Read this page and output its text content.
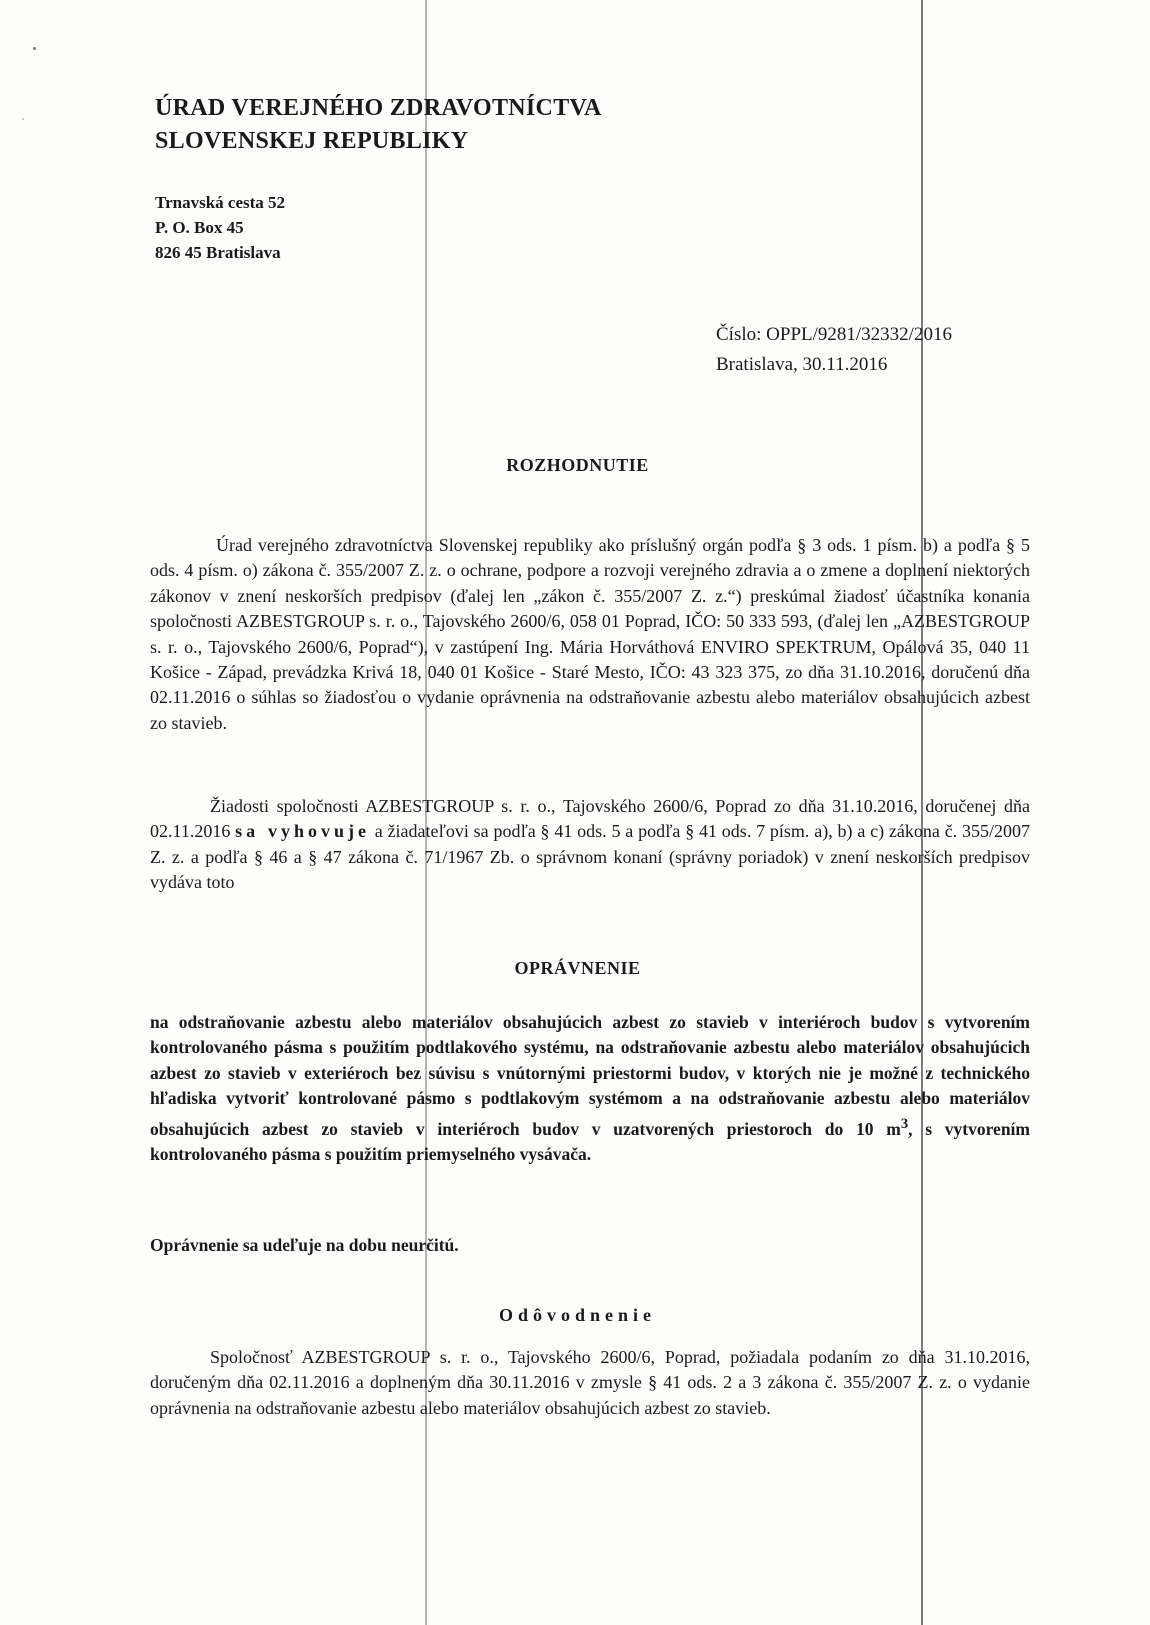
ÚRAD VEREJNÉHO ZDRAVOTNÍCTVA
SLOVENSKEJ REPUBLIKY
Trnavská cesta 52
P. O. Box 45
826 45 Bratislava
Číslo: OPPL/9281/32332/2016
Bratislava, 30.11.2016
ROZHODNUTIE
Úrad verejného zdravotníctva Slovenskej republiky ako príslušný orgán podľa § 3 ods. 1 písm. b) a podľa § 5 ods. 4 písm. o) zákona č. 355/2007 Z. z. o ochrane, podpore a rozvoji verejného zdravia a o zmene a doplnení niektorých zákonov v znení neskorších predpisov (ďalej len „zákon č. 355/2007 Z. z.“) preskúmal žiadosť účastníka konania spoločnosti AZBESTGROUP s. r. o., Tajovského 2600/6, 058 01 Poprad, IČO: 50 333 593, (ďalej len „AZBESTGROUP s. r. o., Tajovského 2600/6, Poprad“), v zastúpení Ing. Mária Horváthová ENVIRO SPEKTRUM, Opálová 35, 040 11 Košice - Západ, prevádzka Krivá 18, 040 01 Košice - Staré Mesto, IČO: 43 323 375, zo dňa 31.10.2016, doručenú dňa 02.11.2016 o súhlas so žiadosťou o vydanie oprávnenia na odstraňovanie azbestu alebo materiálov obsahujúcich azbest zo stavieb.
Žiadosti spoločnosti AZBESTGROUP s. r. o., Tajovského 2600/6, Poprad zo dňa 31.10.2016, doručenej dňa 02.11.2016 sa vyhovuje a žiadateľovi sa podľa § 41 ods. 5 a podľa § 41 ods. 7 písm. a), b) a c) zákona č. 355/2007 Z. z. a podľa § 46 a § 47 zákona č. 71/1967 Zb. o správnom konaní (správny poriadok) v znení neskorších predpisov vydáva toto
OPRÁVNENIE
na odstraňovanie azbestu alebo materiálov obsahujúcich azbest zo stavieb v interiéroch budov s vytvorením kontrolovaného pásma s použitím podtlakového systému, na odstraňovanie azbestu alebo materiálov obsahujúcich azbest zo stavieb v exteriéroch bez súvisu s vnútornými priestormi budov, v ktorých nie je možné z technického hľadiska vytvoriť kontrolované pásmo s podtlakovým systémom a na odstraňovanie azbestu alebo materiálov obsahujúcich azbest zo stavieb v interiéroch budov v uzatvorených priestoroch do 10 $m^3$, s vytvorením kontrolovaného pásma s použitím priemyselného vysávača.
Oprávnenie sa udeľuje na dobu neurčitú.
Odôvodnenie
Spoločnosť AZBESTGROUP s. r. o., Tajovského 2600/6, Poprad, požiadala podaním zo dňa 31.10.2016, doručeným dňa 02.11.2016 a doplneným dňa 30.11.2016 v zmysle § 41 ods. 2 a 3 zákona č. 355/2007 Z. z. o vydanie oprávnenia na odstraňovanie azbestu alebo materiálov obsahujúcich azbest zo stavieb.
